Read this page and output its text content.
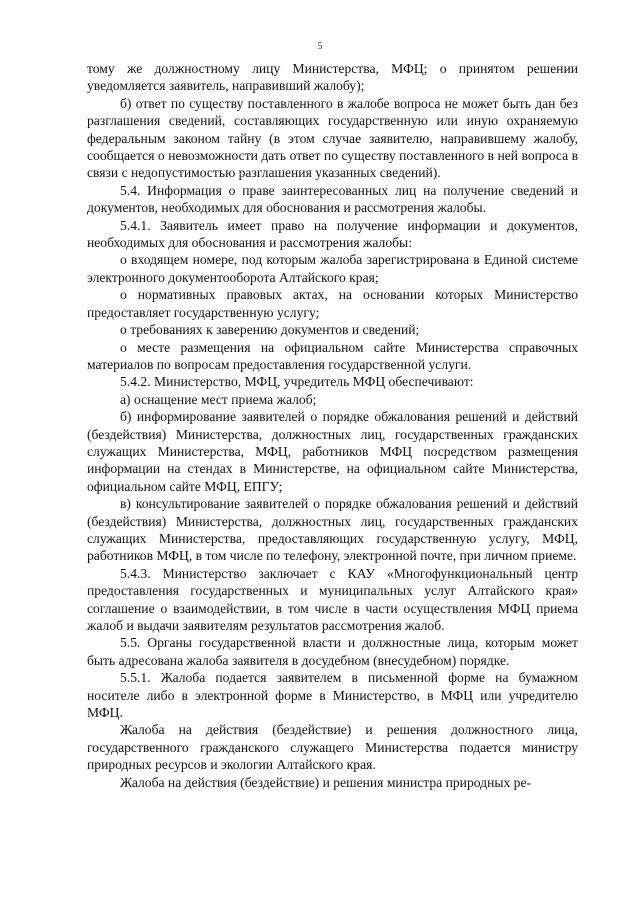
5

тому же должностному лицу Министерства, МФЦ; о принятом решении уведомляется заявитель, направивший жалобу);

б) ответ по существу поставленного в жалобе вопроса не может быть дан без разглашения сведений, составляющих государственную или иную охраняемую федеральным законом тайну (в этом случае заявителю, направившему жалобу, сообщается о невозможности дать ответ по существу поставленного в ней вопроса в связи с недопустимостью разглашения указанных сведений).

5.4. Информация о праве заинтересованных лиц на получение сведений и документов, необходимых для обоснования и рассмотрения жалобы.

5.4.1. Заявитель имеет право на получение информации и документов, необходимых для обоснования и рассмотрения жалобы:

о входящем номере, под которым жалоба зарегистрирована в Единой системе электронного документооборота Алтайского края;

о нормативных правовых актах, на основании которых Министерство предоставляет государственную услугу;

о требованиях к заверению документов и сведений;

о месте размещения на официальном сайте Министерства справочных материалов по вопросам предоставления государственной услуги.

5.4.2. Министерство, МФЦ, учредитель МФЦ обеспечивают:

а) оснащение мест приема жалоб;

б) информирование заявителей о порядке обжалования решений и действий (бездействия) Министерства, должностных лиц, государственных гражданских служащих Министерства, МФЦ, работников МФЦ посредством размещения информации на стендах в Министерстве, на официальном сайте Министерства, официальном сайте МФЦ, ЕПГУ;

в) консультирование заявителей о порядке обжалования решений и действий (бездействия) Министерства, должностных лиц, государственных гражданских служащих Министерства, предоставляющих государственную услугу, МФЦ, работников МФЦ, в том числе по телефону, электронной почте, при личном приеме.

5.4.3. Министерство заключает с КАУ «Многофункциональный центр предоставления государственных и муниципальных услуг Алтайского края» соглашение о взаимодействии, в том числе в части осуществления МФЦ приема жалоб и выдачи заявителям результатов рассмотрения жалоб.

5.5. Органы государственной власти и должностные лица, которым может быть адресована жалоба заявителя в досудебном (внесудебном) порядке.

5.5.1. Жалоба подается заявителем в письменной форме на бумажном носителе либо в электронной форме в Министерство, в МФЦ или учредителю МФЦ.

Жалоба на действия (бездействие) и решения должностного лица, государственного гражданского служащего Министерства подается министру природных ресурсов и экологии Алтайского края.

Жалоба на действия (бездействие) и решения министра природных ре-
